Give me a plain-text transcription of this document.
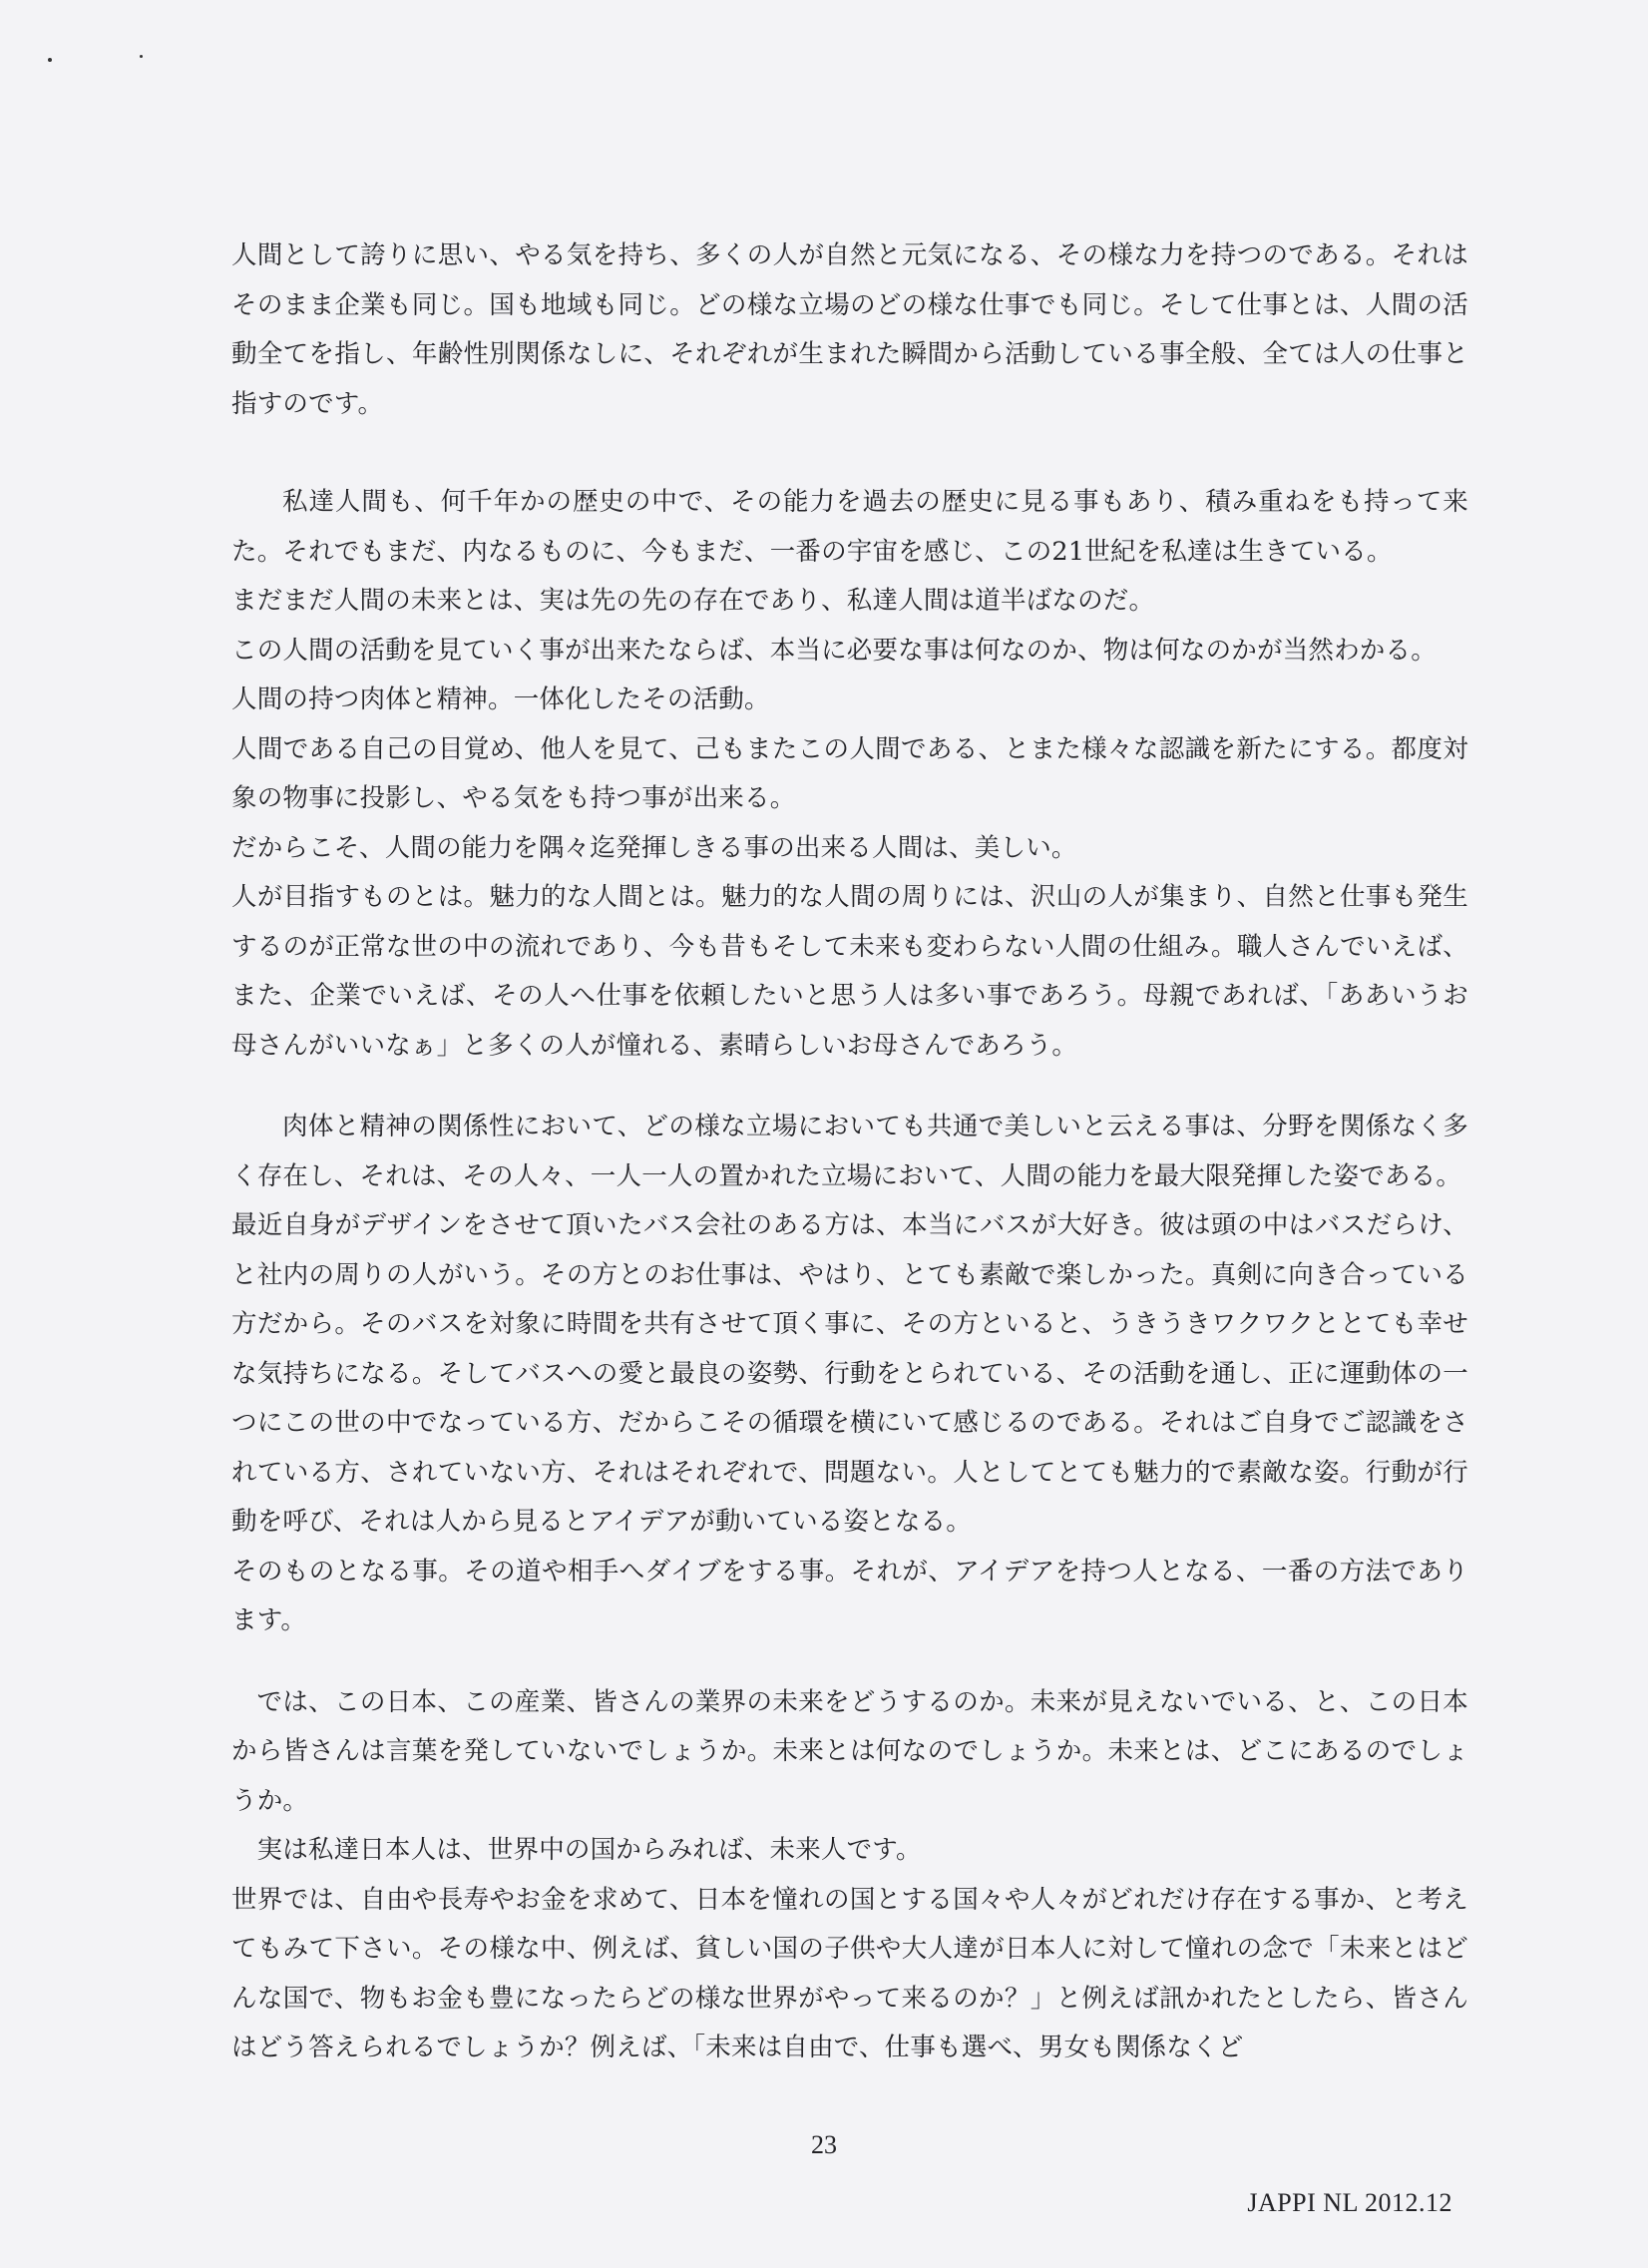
人間として誇りに思い、やる気を持ち、多くの人が自然と元気になる、その様な力を持つのである。それはそのまま企業も同じ。国も地域も同じ。どの様な立場のどの様な仕事でも同じ。そして仕事とは、人間の活動全てを指し、年齢性別関係なしに、それぞれが生まれた瞬間から活動している事全般、全ては人の仕事と指すのです。

私達人間も、何千年かの歴史の中で、その能力を過去の歴史に見る事もあり、積み重ねをも持って来た。それでもまだ、内なるものに、今もまだ、一番の宇宙を感じ、この21世紀を私達は生きている。

まだまだ人間の未来とは、実は先の先の存在であり、私達人間は道半ばなのだ。

この人間の活動を見ていく事が出来たならば、本当に必要な事は何なのか、物は何なのかが当然わかる。

人間の持つ肉体と精神。一体化したその活動。

人間である自己の目覚め、他人を見て、己もまたこの人間である、とまた様々な認識を新たにする。都度対象の物事に投影し、やる気をも持つ事が出来る。

だからこそ、人間の能力を隅々迄発揮しきる事の出来る人間は、美しい。

人が目指すものとは。魅力的な人間とは。魅力的な人間の周りには、沢山の人が集まり、自然と仕事も発生するのが正常な世の中の流れであり、今も昔もそして未来も変わらない人間の仕組み。職人さんでいえば、また、企業でいえば、その人へ仕事を依頼したいと思う人は多い事であろう。母親であれば、「ああいうお母さんがいいなぁ」と多くの人が憧れる、素晴らしいお母さんであろう。

肉体と精神の関係性において、どの様な立場においても共通で美しいと云える事は、分野を関係なく多く存在し、それは、その人々、一人一人の置かれた立場において、人間の能力を最大限発揮した姿である。

最近自身がデザインをさせて頂いたバス会社のある方は、本当にバスが大好き。彼は頭の中はバスだらけ、と社内の周りの人がいう。その方とのお仕事は、やはり、とても素敵で楽しかった。真剣に向き合っている方だから。そのバスを対象に時間を共有させて頂く事に、その方といると、うきうきワクワクととても幸せな気持ちになる。そしてバスへの愛と最良の姿勢、行動をとられている、その活動を通し、正に運動体の一つにこの世の中でなっている方、だからこその循環を横にいて感じるのである。それはご自身でご認識をされている方、されていない方、それはそれぞれで、問題ない。人としてとても魅力的で素敵な姿。行動が行動を呼び、それは人から見るとアイデアが動いている姿となる。

そのものとなる事。その道や相手へダイブをする事。それが、アイデアを持つ人となる、一番の方法であります。

では、この日本、この産業、皆さんの業界の未来をどうするのか。未来が見えないでいる、と、この日本から皆さんは言葉を発していないでしょうか。未来とは何なのでしょうか。未来とは、どこにあるのでしょうか。

実は私達日本人は、世界中の国からみれば、未来人です。

世界では、自由や長寿やお金を求めて、日本を憧れの国とする国々や人々がどれだけ存在する事か、と考えてもみて下さい。その様な中、例えば、貧しい国の子供や大人達が日本人に対して憧れの念で「未来とはどんな国で、物もお金も豊になったらどの様な世界がやって来るのか？」と例えば訊かれたとしたら、皆さんはどう答えられるでしょうか？例えば、「未来は自由で、仕事も選べ、男女も関係なくど

23
JAPPI NL 2012.12
